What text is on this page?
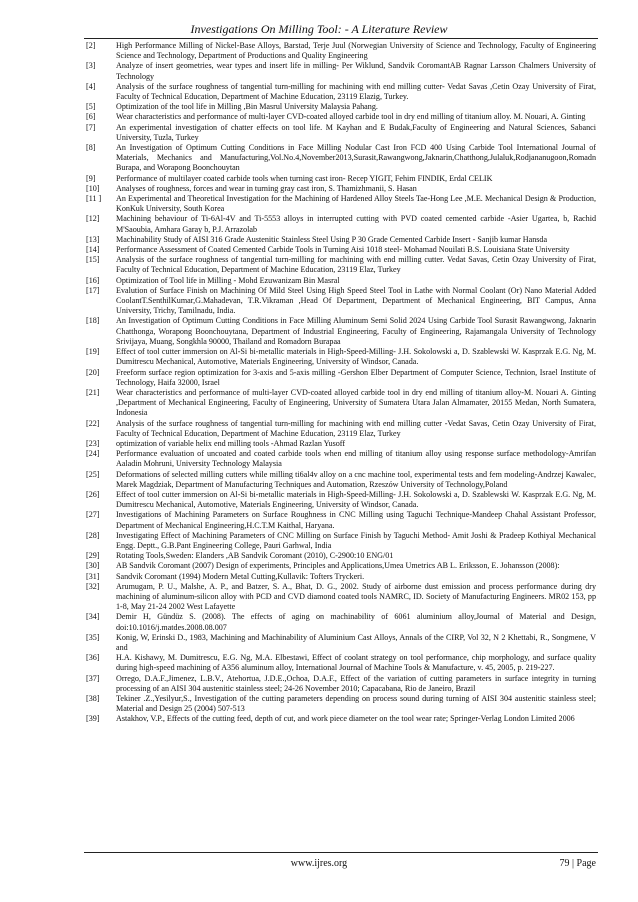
Investigations On Milling Tool: - A Literature Review
[2]	High Performance Milling of Nickel-Base Alloys, Barstad, Terje Juul (Norwegian University of Science and Technology, Faculty of Engineering Science and Technology, Department of Productions and Quality Engineering
[3]	Analyze of insert geometries, wear types and insert life in milling- Per Wiklund, Sandvik CoromantAB Ragnar Larsson Chalmers University of Technology
[4]	Analysis of the surface roughness of tangential turn-milling for machining with end milling cutter- Vedat Savas ,Cetin Ozay University of Firat, Faculty of Technical Education, Department of Machine Education, 23119 Elazig, Turkey.
[5]	Optimization of the tool life in Milling ,Bin Masrul University Malaysia Pahang.
[6]	Wear characteristics and performance of multi-layer CVD-coated alloyed carbide tool in dry end milling of titanium alloy. M. Nouari, A. Ginting
[7]	An experimental investigation of chatter effects on tool life. M Kayhan and E Budak,Faculty of Engineering and Natural Sciences, Sabanci University, Tuzla, Turkey
[8]	An Investigation of Optimum Cutting Conditions in Face Milling Nodular Cast Iron FCD 400 Using Carbide Tool International Journal of Materials, Mechanics and Manufacturing,Vol.No.4,November2013,Surasit,Rawangwong,Jaknarin,Chatthong,Julaluk,Rodjananugoon,Romadn Burapa, and Worapong Boonchouytan
[9]	Performance of multilayer coated carbide tools when turning cast iron- Recep YIGIT, Fehim FINDIK, Erdal CELIK
[10]	Analyses of roughness, forces and wear in turning gray cast iron, S. Thamizhmanii, S. Hasan
[11 ]	An Experimental and Theoretical Investigation for the Machining of Hardened Alloy Steels Tae-Hong Lee ,M.E. Mechanical Design & Production, KonKuk University, South Korea
[12]	Machining behaviour of Ti-6Al-4V and Ti-5553 alloys in interrupted cutting with PVD coated cemented carbide -Asier Ugartea, b, Rachid M'Saoubia, Amhara Garay b, P.J. Arrazolab
[13]	Machinability Study of AISI 316 Grade Austenitic Stainless Steel Using P 30 Grade Cemented Carbide Insert - Sanjib kumar Hansda
[14]	Performance Assessment of Coated Cemented Carbide Tools in Turning Aisi 1018 steel- Mohamad Nouilati B.S. Louisiana State University
[15]	Analysis of the surface roughness of tangential turn-milling for machining with end milling cutter. Vedat Savas, Cetin Ozay University of Firat, Faculty of Technical Education, Department of Machine Education, 23119 Elaz, Turkey
[16]	Optimization of Tool life in Milling - Mohd Ezuwanizam Bin Masral
[17]	Evalution of Surface Finish on Machining Of Mild Steel Using High Speed Steel Tool in Lathe with Normal Coolant (Or) Nano Material Added CoolantT.SenthilKumar,G.Mahadevan, T.R.Vikraman ,Head Of Department, Department of Mechanical Engineering, BIT Campus, Anna University, Trichy, Tamilnadu, India.
[18]	An Investigation of Optimum Cutting Conditions in Face Milling Aluminum Semi Solid 2024 Using Carbide Tool Surasit Rawangwong, Jaknarin Chatthonga, Worapong Boonchouytana, Department of Industrial Engineering, Faculty of Engineering, Rajamangala University of Technology Srivijaya, Muang, Songkhla 90000, Thailand and Romadorn Burapaa
[19]	Effect of tool cutter immersion on Al-Si bi-metallic materials in High-Speed-Milling- J.H. Sokolowski a, D. Szablewski W. Kasprzak E.G. Ng, M. Dumitrescu Mechanical, Automotive, Materials Engineering, University of Windsor, Canada.
[20]	Freeform surface region optimization for 3-axis and 5-axis milling -Gershon Elber Department of Computer Science, Technion, Israel Institute of Technology, Haifa 32000, Israel
[21]	Wear characteristics and performance of multi-layer CVD-coated alloyed carbide tool in dry end milling of titanium alloy-M. Nouari A. Ginting ,Department of Mechanical Engineering, Faculty of Engineering, University of Sumatera Utara Jalan Almamater, 20155 Medan, North Sumatera, Indonesia
[22]	Analysis of the surface roughness of tangential turn-milling for machining with end milling cutter -Vedat Savas, Cetin Ozay University of Firat, Faculty of Technical Education, Department of Machine Education, 23119 Elaz, Turkey
[23]	optimization of variable helix end milling tools -Ahmad Razlan Yusoff
[24]	Performance evaluation of uncoated and coated carbide tools when end milling of titanium alloy using response surface methodology-Amrifan Aaladin Mohruni, University Technology Malaysia
[25]	Deformations of selected milling cutters while milling ti6al4v alloy on a cnc machine tool, experimental tests and fem modeling-Andrzej Kawalec, Marek Magdziak, Department of Manufacturing Techniques and Automation, Rzeszów University of Technology,Poland
[26]	Effect of tool cutter immersion on Al-Si bi-metallic materials in High-Speed-Milling- J.H. Sokolowski a, D. Szablewski W. Kasprzak E.G. Ng, M. Dumitrescu Mechanical, Automotive, Materials Engineering, University of Windsor, Canada.
[27]	Investigations of Machining Parameters on Surface Roughness in CNC Milling using Taguchi Technique-Mandeep Chahal Assistant Professor, Department of Mechanical Engineering,H.C.T.M Kaithal, Haryana.
[28]	Investigating Effect of Machining Parameters of CNC Milling on Surface Finish by Taguchi Method- Amit Joshi & Pradeep Kothiyal Mechanical Engg. Deptt., G.B.Pant Engineering College, Pauri Garhwal, India
[29]	Rotating Tools,Sweden: Elanders ,AB Sandvik Coromant (2010), C-2900:10 ENG/01
[30]	AB Sandvik Coromant (2007) Design of experiments, Principles and Applications,Umea Umetrics AB L. Eriksson, E. Johansson (2008):
[31]	Sandvik Coromant (1994) Modern Metal Cutting,Kullavik: Tofters Tryckeri.
[32]	Arumugam, P. U., Malshe, A. P., and Batzer, S. A., Bhat, D. G., 2002. Study of airborne dust emission and process performance during dry machining of aluminum-silicon alloy with PCD and CVD diamond coated tools NAMRC, ID. Society of Manufacturing Engineers. MR02 153, pp 1-8, May 21-24 2002 West Lafayette
[34]	Demir H, Gündüz S. (2008). The effects of aging on machinability of 6061 aluminium alloy,Journal of Material and Design, doi:10.1016/j.matdes.2008.08.007
[35]	Konig, W, Erinski D., 1983, Machining and Machinability of Aluminium Cast Alloys, Annals of the CIRP, Vol 32, N 2 Khettabi, R., Songmene, V and
[36]	H.A. Kishawy, M. Dumitrescu, E.G. Ng, M.A. Elbestawi, Effect of coolant strategy on tool performance, chip morphology, and surface quality during high-speed machining of A356 aluminum alloy, International Journal of Machine Tools & Manufacture, v. 45, 2005, p. 219-227.
[37]	Orrego, D.A.F.,Jimenez, L.B.V., Atehortua, J.D.E.,Ochoa, D.A.F., Effect of the variation of cutting parameters in surface integrity in turning processing of an AISI 304 austenitic stainless steel; 24-26 November 2010; Capacabana, Rio de Janeiro, Brazil
[38]	Tekiner .Z.,Yesilyur,S., Investigation of the cutting parameters depending on process sound during turning of AISI 304 austenitic stainless steel; Material and Design 25 (2004) 507-513
[39]	Astakhov, V.P., Effects of the cutting feed, depth of cut, and work piece diameter on the tool wear rate; Springer-Verlag London Limited 2006
www.ijres.org	79 | Page
